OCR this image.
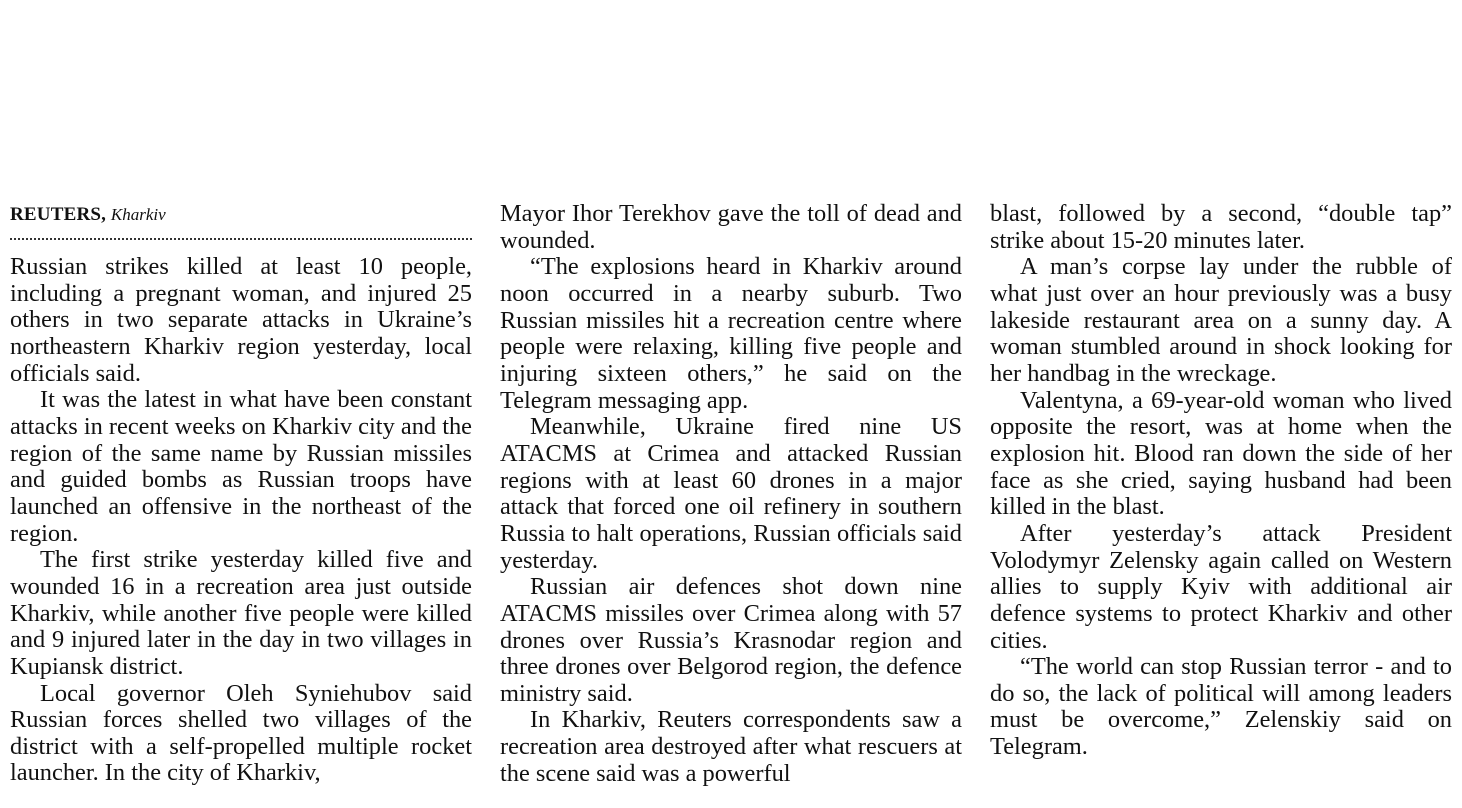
REUTERS, Kharkiv

Russian strikes killed at least 10 people, including a pregnant woman, and injured 25 others in two separate attacks in Ukraine’s northeastern Kharkiv region yesterday, local officials said.

It was the latest in what have been constant attacks in recent weeks on Kharkiv city and the region of the same name by Russian missiles and guided bombs as Russian troops have launched an offensive in the northeast of the region.

The first strike yesterday killed five and wounded 16 in a recreation area just outside Kharkiv, while another five people were killed and 9 injured later in the day in two villages in Kupiansk district.

Local governor Oleh Syniehubov said Russian forces shelled two villages of the district with a self-propelled multiple rocket launcher. In the city of Kharkiv,

Mayor Ihor Terekhov gave the toll of dead and wounded.

“The explosions heard in Kharkiv around noon occurred in a nearby suburb. Two Russian missiles hit a recreation centre where people were relaxing, killing five people and injuring sixteen others,” he said on the Telegram messaging app.

Meanwhile, Ukraine fired nine US ATACMS at Crimea and attacked Russian regions with at least 60 drones in a major attack that forced one oil refinery in southern Russia to halt operations, Russian officials said yesterday.

Russian air defences shot down nine ATACMS missiles over Crimea along with 57 drones over Russia’s Krasnodar region and three drones over Belgorod region, the defence ministry said.

In Kharkiv, Reuters correspondents saw a recreation area destroyed after what rescuers at the scene said was a powerful

blast, followed by a second, “double tap” strike about 15-20 minutes later.

A man’s corpse lay under the rubble of what just over an hour previously was a busy lakeside restaurant area on a sunny day. A woman stumbled around in shock looking for her handbag in the wreckage.

Valentyna, a 69-year-old woman who lived opposite the resort, was at home when the explosion hit. Blood ran down the side of her face as she cried, saying husband had been killed in the blast.

After yesterday’s attack President Volodymyr Zelensky again called on Western allies to supply Kyiv with additional air defence systems to protect Kharkiv and other cities.

“The world can stop Russian terror - and to do so, the lack of political will among leaders must be overcome,” Zelenskiy said on Telegram.
